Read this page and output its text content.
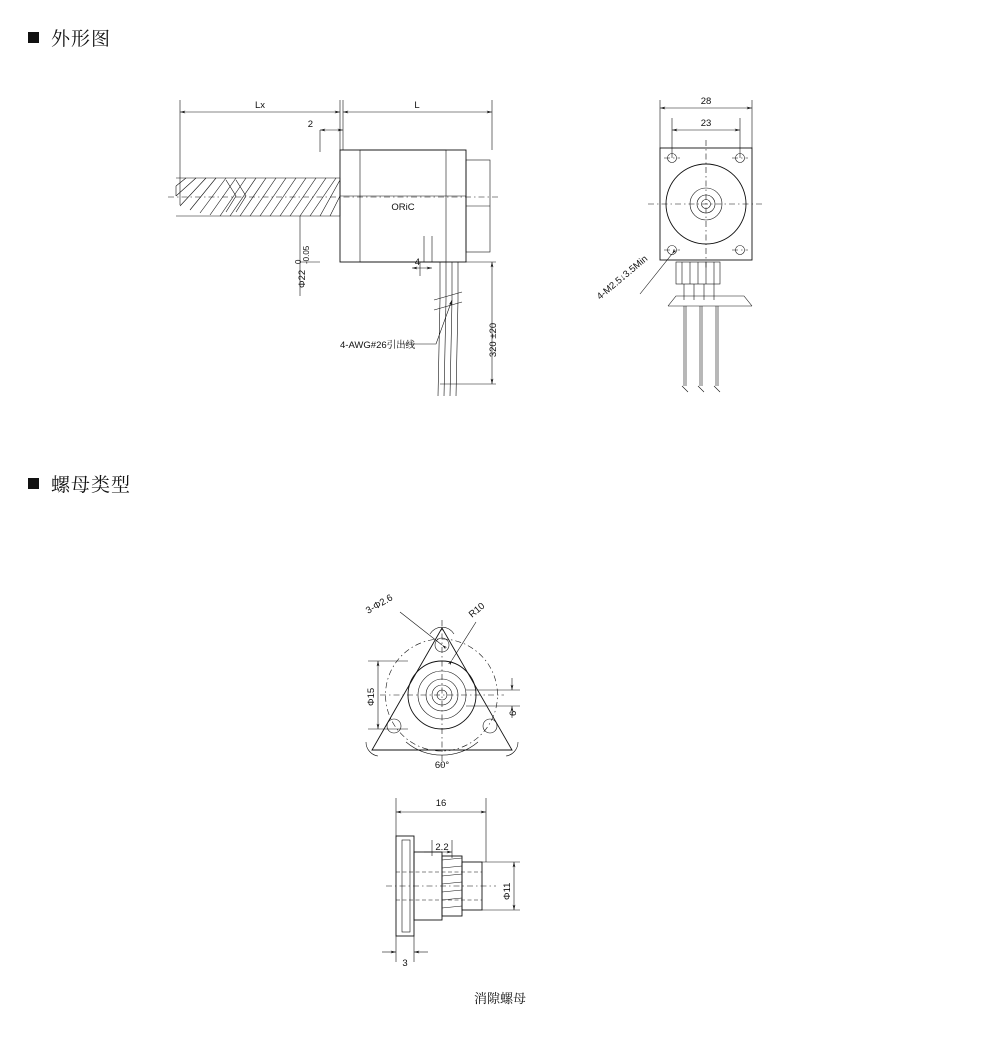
外形图
螺母类型
ORiC
Lx	L
2
4
Φ22
0 -0.05
320 ±20
4-AWG#26引出线
28
23
4-M2.5↓3.5Min
3-Φ2.6	R10
Φ15
6
60°
16
2.2
Φ11
3
消隙螺母
